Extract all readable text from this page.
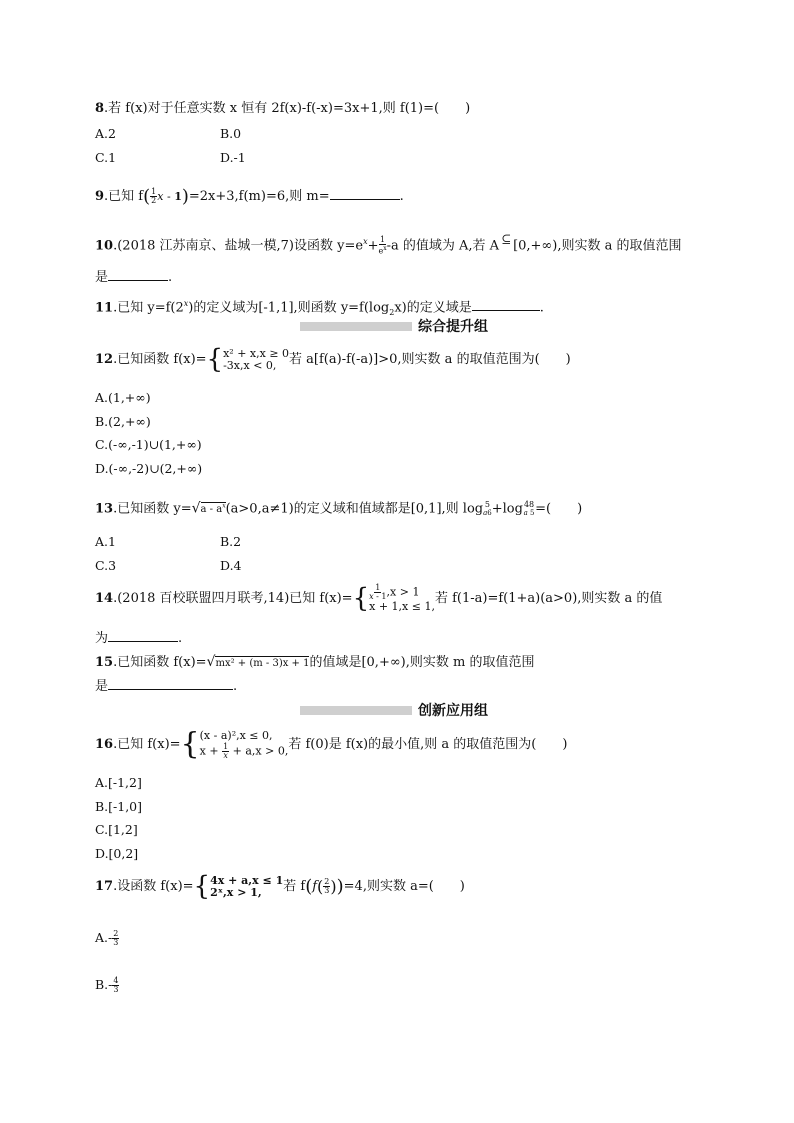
8.若 f(x)对于任意实数 x 恒有 2f(x)-f(-x)=3x+1,则 f(1)=(　　)
A.2	B.0
C.1	D.-1
9.已知 $f( \frac{1}{2}$ x - 1)=2x+3,f(m)=6,则 m=	.
10.(2018 江苏南京、盐城一模,7)设函数 $y=e^x+ \frac{1}{e^x} -a$ 的值域为 A,若 A ⊆ [0,+∞),则实数 a 的取值范围
是	.
11.已知 $y=f(2^x)$的定义域为[-1,1],则函数 $y=f(\log_2x)$的定义域是	.
综合提升组
12.已知函数 f(x)={ x² + x,x ≥ 0
-3x,x < 0, 若 a[f(a)-f(-a)]>0,则实数 a 的取值范围为(　　)
A.(1,+∞)
B.(2,+∞)
C.(-∞,-1)∪(1,+∞)
D.(-∞,-2)∪(2,+∞)
13.已知函数 $y=√a - a^x(a>0,a\ne 1)$的定义域和值域都是[0,1],则 log 5
a6 +log 48
a 5 =(　　)
A.1	B.2
C.3	D.4
14.(2018 百校联盟四月联考,14)已知 $f(x)=\{ \frac{1}{x - 1} ,x > 1$
x + 1,x ≤ 1,
若 f(1-a)=f(1+a)(a>0),则实数 a 的值
为	.
15.已知函数 f(x)=√mx² + (m - 3)x + 1的值域是[0,+∞),则实数 m 的取值范围
是	.
创新应用组
16.已知 f(x)={ (x - a)²,x ≤ 0,
$x + \frac{1}{x} + a,x > 0$, 若 f(0)是 f(x)的最小值,则 a 的取值范围为(　　)
A.[-1,2]
B.[-1,0]
C.[1,2]
D.[0,2]
17.设函数 f(x)={ 4x + a,x ≤ 1
2ˣ,x > 1,	若 $f(f( \frac{2}{3} ))=4$,则实数 a=(　　)
$A.- \frac{2}{3}$
$B.- \frac{4}{3}$
